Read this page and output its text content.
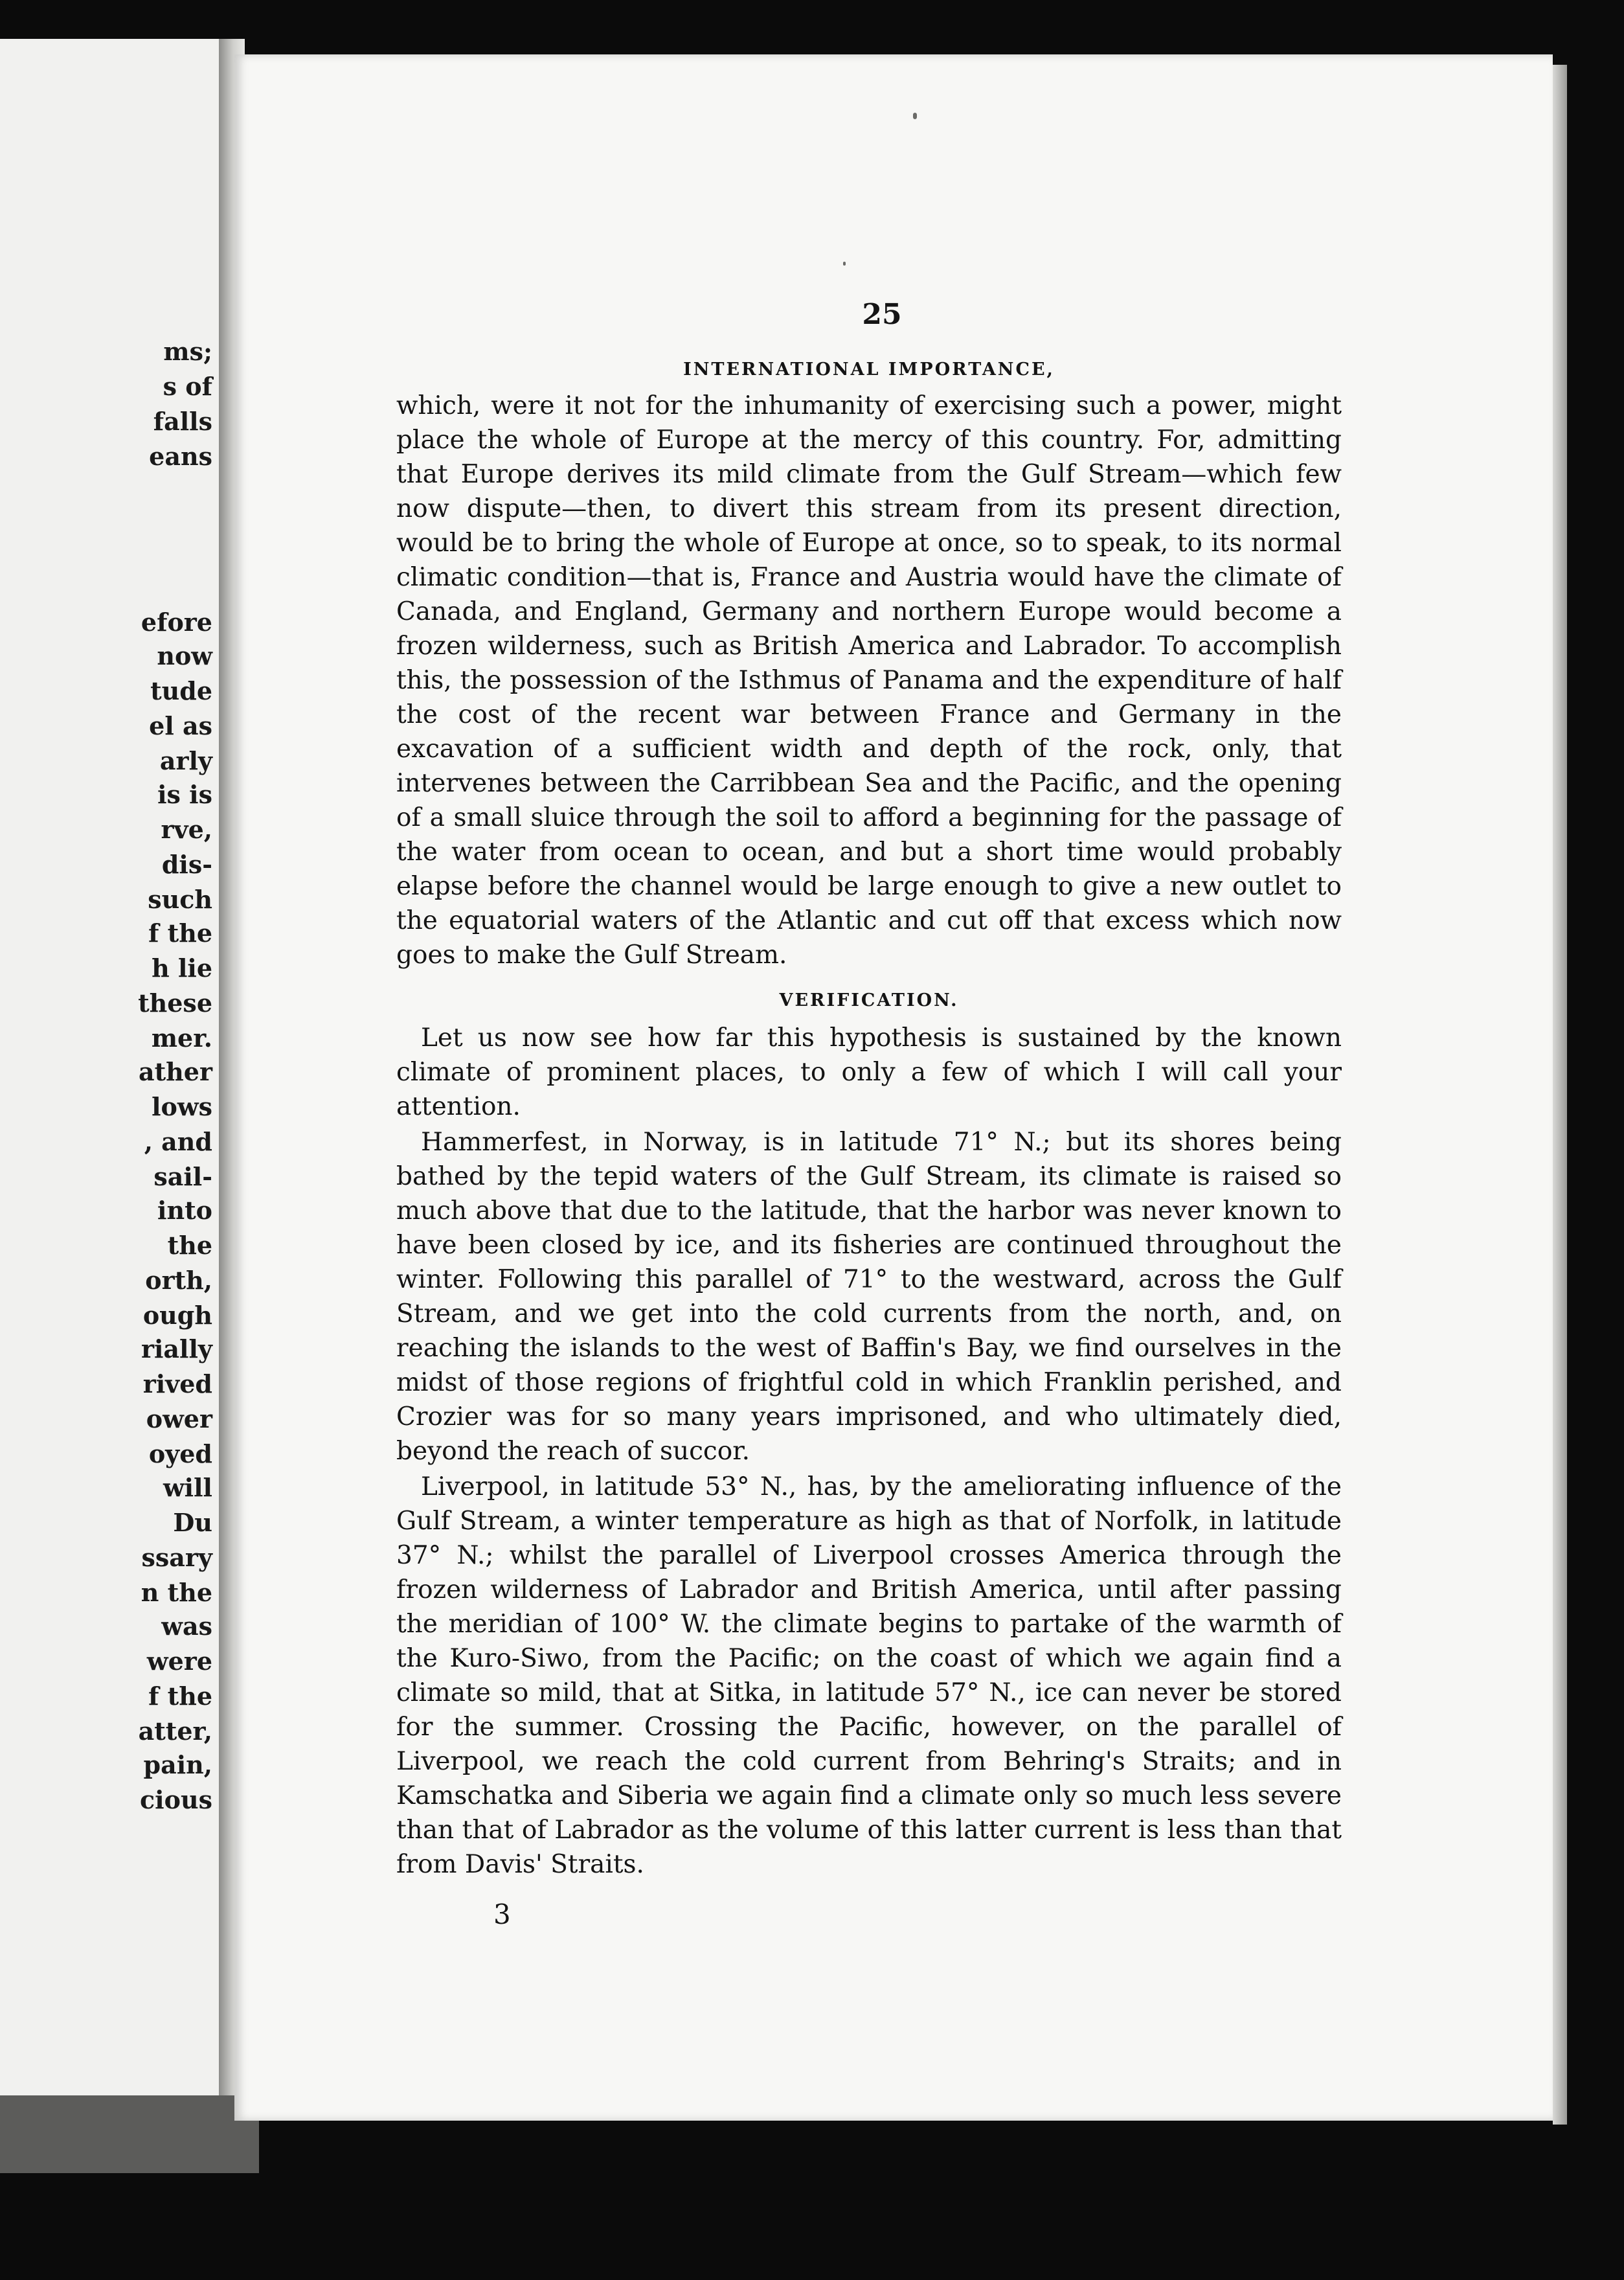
ms;
s of
falls
eans
efore
now
tude
el as
arly
is is
rve,
dis-
such
f the
h lie
these
mer.
ather
lows
, and
sail-
into
the
orth,
ough
rially
rived
ower
oyed
will
Du
ssary
n the
was
were
f the
atter,
pain,
cious
25
INTERNATIONAL IMPORTANCE,

which, were it not for the inhumanity of exercising such a power, might place the whole of Europe at the mercy of this country. For, admitting that Europe derives its mild climate from the Gulf Stream—which few now dispute—then, to divert this stream from its present direction, would be to bring the whole of Europe at once, so to speak, to its normal climatic condition—that is, France and Austria would have the climate of Canada, and England, Germany and northern Europe would become a frozen wilderness, such as British America and Labrador. To accomplish this, the possession of the Isthmus of Panama and the expenditure of half the cost of the recent war between France and Germany in the excavation of a sufficient width and depth of the rock, only, that intervenes between the Carribbean Sea and the Pacific, and the opening of a small sluice through the soil to afford a beginning for the passage of the water from ocean to ocean, and but a short time would probably elapse before the channel would be large enough to give a new outlet to the equatorial waters of the Atlantic and cut off that excess which now goes to make the Gulf Stream.

VERIFICATION.

Let us now see how far this hypothesis is sustained by the known climate of prominent places, to only a few of which I will call your attention.

Hammerfest, in Norway, is in latitude 71° N.; but its shores being bathed by the tepid waters of the Gulf Stream, its climate is raised so much above that due to the latitude, that the harbor was never known to have been closed by ice, and its fisheries are continued throughout the winter. Following this parallel of 71° to the westward, across the Gulf Stream, and we get into the cold currents from the north, and, on reaching the islands to the west of Baffin's Bay, we find ourselves in the midst of those regions of frightful cold in which Franklin perished, and Crozier was for so many years imprisoned, and who ultimately died, beyond the reach of succor.

Liverpool, in latitude 53° N., has, by the ameliorating influence of the Gulf Stream, a winter temperature as high as that of Norfolk, in latitude 37° N.; whilst the parallel of Liverpool crosses America through the frozen wilderness of Labrador and British America, until after passing the meridian of 100° W. the climate begins to partake of the warmth of the Kuro-Siwo, from the Pacific; on the coast of which we again find a climate so mild, that at Sitka, in latitude 57° N., ice can never be stored for the summer. Crossing the Pacific, however, on the parallel of Liverpool, we reach the cold current from Behring's Straits; and in Kamschatka and Siberia we again find a climate only so much less severe than that of Labrador as the volume of this latter current is less than that from Davis' Straits.

3
